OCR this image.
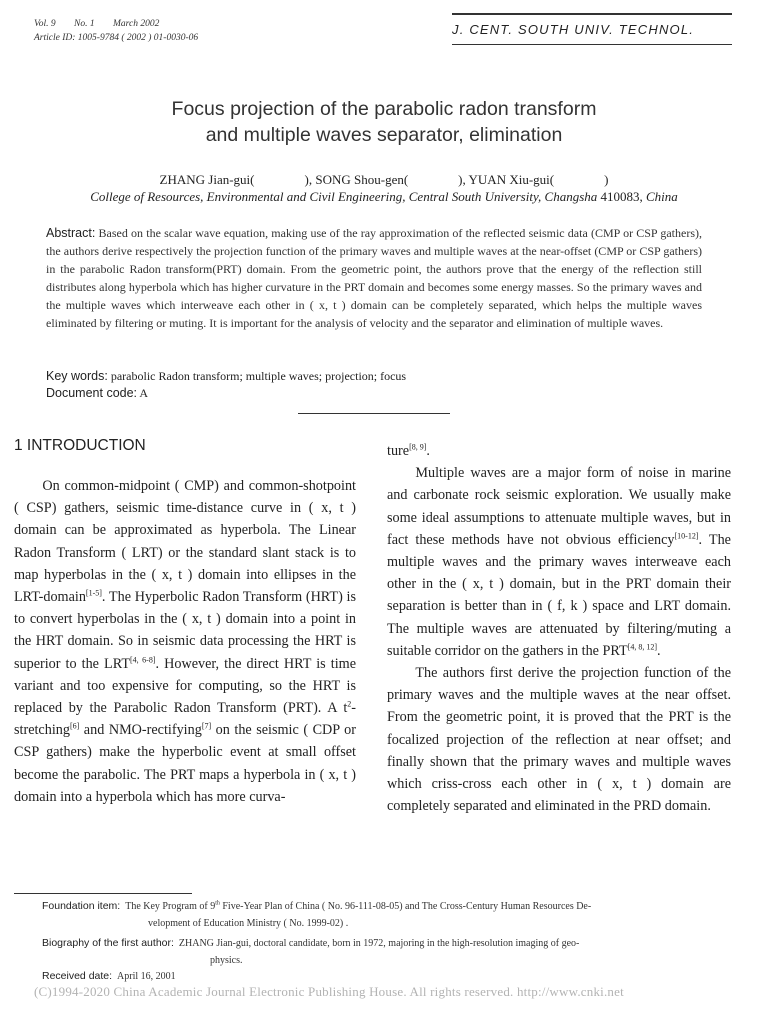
Vol. 9 No. 1 March 2002
Article ID: 1005-9784 ( 2002 ) 01-0030-06
J. CENT. SOUTH UNIV. TECHNOL.
Focus projection of the parabolic radon transform
and multiple waves separator, elimination
ZHANG Jian-gui(	), SONG Shou-gen(	), YUAN Xiu-gui(	)
College of Resources, Environmental and Civil Engineering, Central South University, Changsha 410083, China
Abstract: Based on the scalar wave equation, making use of the ray approximation of the reflected seismic data (CMP or CSP gathers), the authors derive respectively the projection function of the primary waves and multiple waves at the near-offset (CMP or CSP gathers) in the parabolic Radon transform(PRT) domain. From the geometric point, the authors prove that the energy of the reflection still distributes along hyperbola which has higher curvature in the PRT domain and becomes some energy masses. So the primary waves and the multiple waves which interweave each other in ( x, t ) domain can be completely separated, which helps the multiple waves eliminated by filtering or muting. It is important for the analysis of velocity and the separator and elimination of multiple waves.
Key words: parabolic Radon transform; multiple waves; projection; focus
Document code: A
1 INTRODUCTION

On common-midpoint ( CMP) and common-shotpoint ( CSP) gathers, seismic time-distance curve in ( x, t ) domain can be approximated as hyperbola. The Linear Radon Transform ( LRT) or the standard slant stack is to map hyperbolas in the ( x, t ) domain into ellipses in the LRT-domain[1-5]. The Hyperbolic Radon Transform (HRT) is to convert hyperbolas in the ( x, t ) domain into a point in the HRT domain. So in seismic data processing the HRT is superior to the LRT[4, 6-8]. However, the direct HRT is time variant and too expensive for computing, so the HRT is replaced by the Parabolic Radon Transform (PRT). A $t^2-stretching[6]$ and NMO-rectifying[7] on the seismic ( CDP or CSP gathers) make the hyperbolic event at small offset become the parabolic. The PRT maps a hyperbola in ( x, t ) domain into a hyperbola which has more curva-

ture[8, 9].

Multiple waves are a major form of noise in marine and carbonate rock seismic exploration. We usually make some ideal assumptions to attenuate multiple waves, but in fact these methods have not obvious efficiency[10-12]. The multiple waves and the primary waves interweave each other in the ( x, t ) domain, but in the PRT domain their separation is better than in ( f, k ) space and LRT domain. The multiple waves are attenuated by filtering/muting a suitable corridor on the gathers in the PRT[4, 8, 12].

The authors first derive the projection function of the primary waves and the multiple waves at the near offset. From the geometric point, it is proved that the PRT is the focalized projection of the reflection at near offset; and finally shown that the primary waves and multiple waves which criss-cross each other in ( x, t ) domain are completely separated and eliminated in the PRD domain.

Foundation item: The Key Program of 9th Five-Year Plan of China ( No. 96-111-08-05) and The Cross-Century Human Resources De-
velopment of Education Ministry ( No. 1999-02) .
Biography of the first author: ZHANG Jian-gui, doctoral candidate, born in 1972, majoring in the high-resolution imaging of geo-
physics.
Received date: April 16, 2001
(C)1994-2020 China Academic Journal Electronic Publishing House. All rights reserved. http://www.cnki.net
